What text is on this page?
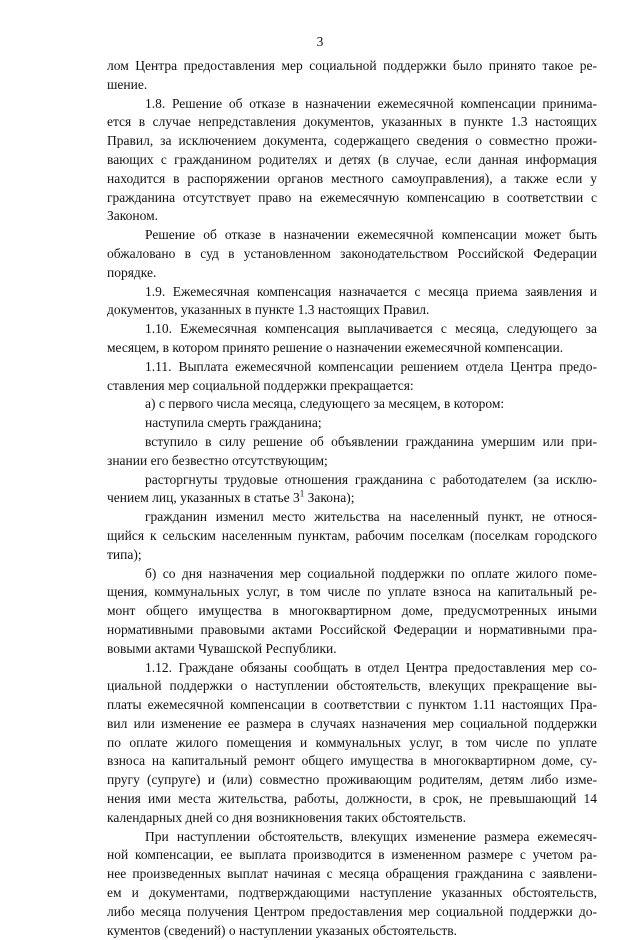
3
лом Центра предоставления мер социальной поддержки было принято такое ре-
шение.
1.8. Решение об отказе в назначении ежемесячной компенсации принима-
ется в случае непредставления документов, указанных в пункте 1.3 настоящих
Правил, за исключением документа, содержащего сведения о совместно прожи-
вающих с гражданином родителях и детях (в случае, если данная информация
находится в распоряжении органов местного самоуправления), а также если у
гражданина отсутствует право на ежемесячную компенсацию в соответствии с
Законом.
Решение об отказе в назначении ежемесячной компенсации может быть
обжаловано в суд в установленном законодательством Российской Федерации
порядке.
1.9. Ежемесячная компенсация назначается с месяца приема заявления и
документов, указанных в пункте 1.3 настоящих Правил.
1.10. Ежемесячная компенсация выплачивается с месяца, следующего за
месяцем, в котором принято решение о назначении ежемесячной компенсации.
1.11. Выплата ежемесячной компенсации решением отдела Центра предо-
ставления мер социальной поддержки прекращается:
а) с первого числа месяца, следующего за месяцем, в котором:
наступила смерть гражданина;
вступило в силу решение об объявлении гражданина умершим или при-
знании его безвестно отсутствующим;
расторгнуты трудовые отношения гражданина с работодателем (за исклю-
чением лиц, указанных в статье $3^1$ Закона);
гражданин изменил место жительства на населенный пункт, не относя-
щийся к сельским населенным пунктам, рабочим поселкам (поселкам городского
типа);
б) со дня назначения мер социальной поддержки по оплате жилого поме-
щения, коммунальных услуг, в том числе по уплате взноса на капитальный ре-
монт общего имущества в многоквартирном доме, предусмотренных иными
нормативными правовыми актами Российской Федерации и нормативными пра-
вовыми актами Чувашской Республики.
1.12. Граждане обязаны сообщать в отдел Центра предоставления мер со-
циальной поддержки о наступлении обстоятельств, влекущих прекращение вы-
платы ежемесячной компенсации в соответствии с пунктом 1.11 настоящих Пра-
вил или изменение ее размера в случаях назначения мер социальной поддержки
по оплате жилого помещения и коммунальных услуг, в том числе по уплате
взноса на капитальный ремонт общего имущества в многоквартирном доме, су-
пругу (супруге) и (или) совместно проживающим родителям, детям либо изме-
нения ими места жительства, работы, должности, в срок, не превышающий 14
календарных дней со дня возникновения таких обстоятельств.
При наступлении обстоятельств, влекущих изменение размера ежемесяч-
ной компенсации, ее выплата производится в измененном размере с учетом ра-
нее произведенных выплат начиная с месяца обращения гражданина с заявлени-
ем и документами, подтверждающими наступление указанных обстоятельств,
либо месяца получения Центром предоставления мер социальной поддержки до-
кументов (сведений) о наступлении указаных обстоятельств.
